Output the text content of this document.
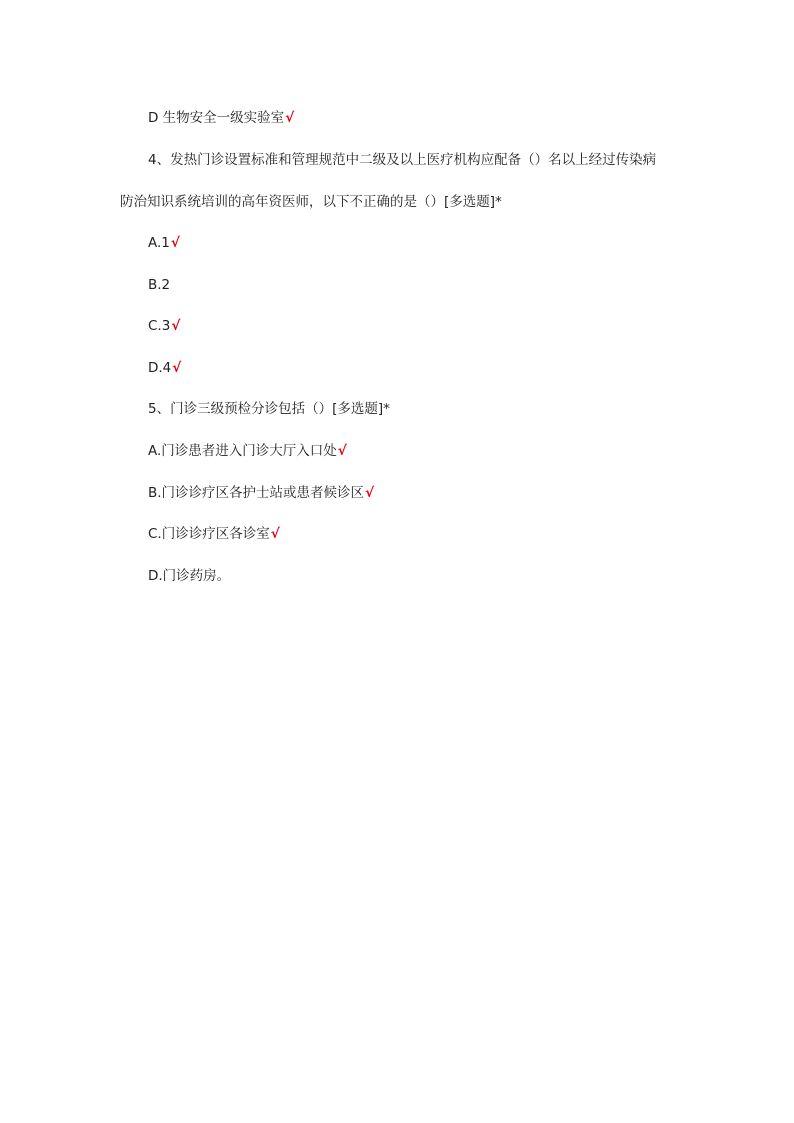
D 生物安全一级实验室√
4、发热门诊设置标准和管理规范中二级及以上医疗机构应配备（）名以上经过传染病
防治知识系统培训的高年资医师，以下不正确的是（）[多选题]*
A.1√
B.2
C.3√
D.4√
5、门诊三级预检分诊包括（）[多选题]*
A.门诊患者进入门诊大厅入口处√
B.门诊诊疗区各护士站或患者候诊区√
C.门诊诊疗区各诊室√
D.门诊药房。
